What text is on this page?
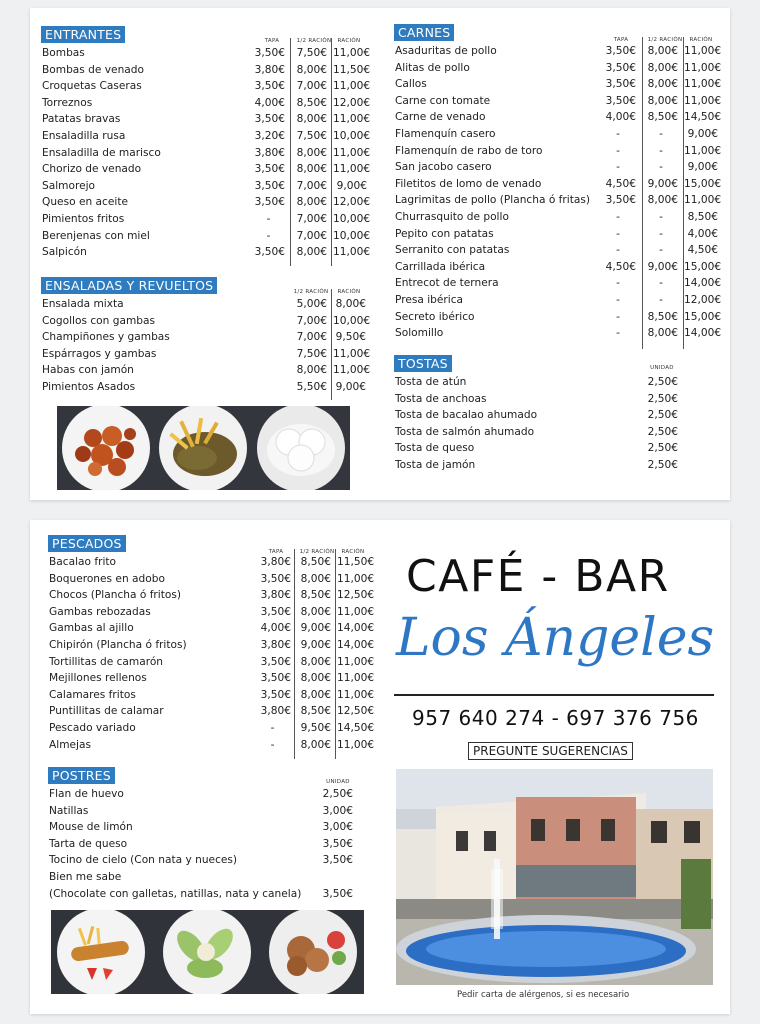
ENTRANTES	TAPA	1/2 RACIÓN	RACIÓN
Bombas	3,50€	7,50€ 11,00€
Bombas de venado	3,80€	8,00€ 11,50€
Croquetas Caseras	3,50€	7,00€ 11,00€
Torreznos	4,00€	8,50€ 12,00€
Patatas bravas	3,50€	8,00€ 11,00€
Ensaladilla rusa	3,20€	7,50€ 10,00€
Ensaladilla de marisco	3,80€	8,00€ 11,00€
Chorizo de venado	3,50€	8,00€ 11,00€
Salmorejo	3,50€	7,00€ 9,00€
Queso en aceite	3,50€	8,00€ 12,00€
Pimientos fritos	-	7,00€ 10,00€
Berenjenas con miel	-	7,00€ 10,00€
Salpicón	3,50€	8,00€ 11,00€
ENSALADAS Y REVUELTOS	1/2 RACIÓN	RACIÓN
Ensalada mixta	5,00€ 8,00€
Cogollos con gambas	7,00€ 10,00€
Champiñones y gambas	7,00€ 9,50€
Espárragos y gambas	7,50€ 11,00€
Habas con jamón	8,00€ 11,00€
Pimientos Asados	5,50€ 9,00€
CARNES	TAPA	1/2 RACIÓN	RACIÓN
Asaduritas de pollo	3,50€	8,00€ 11,00€
Alitas de pollo	3,50€	8,00€ 11,00€
Callos	3,50€	8,00€ 11,00€
Carne con tomate	3,50€	8,00€ 11,00€
Carne de venado	4,00€	8,50€ 14,50€
Flamenquín casero	-	-	9,00€
Flamenquín de rabo de toro	-	-	11,00€
San jacobo casero	-	-	9,00€
Filetitos de lomo de venado	4,50€	9,00€ 15,00€
Lagrimitas de pollo (Plancha ó fritas)	3,50€	8,00€ 11,00€
Churrasquito de pollo	-	-	8,50€
Pepito con patatas	-	-	4,00€
Serranito con patatas	-	-	4,50€
Carrillada ibérica	4,50€	9,00€ 15,00€
Entrecot de ternera	-	-	14,00€
Presa ibérica	-	-	12,00€
Secreto ibérico	-	8,50€ 15,00€
Solomillo	-	8,00€ 14,00€
TOSTAS	UNIDAD
Tosta de atún	2,50€
Tosta de anchoas	2,50€
Tosta de bacalao ahumado	2,50€
Tosta de salmón ahumado	2,50€
Tosta de queso	2,50€
Tosta de jamón	2,50€
PESCADOS
TAPA	1/2 RACIÓN	RACIÓN
Bacalao frito	3,80€ 8,50€ 11,50€
Boquerones en adobo	3,50€ 8,00€ 11,00€
Chocos (Plancha ó fritos)	3,80€ 8,50€ 12,50€
Gambas rebozadas	3,50€ 8,00€ 11,00€
Gambas al ajillo	4,00€ 9,00€ 14,00€
Chipirón (Plancha ó fritos)	3,80€ 9,00€ 14,00€
Tortillitas de camarón	3,50€ 8,00€ 11,00€
Mejillones rellenos	3,50€ 8,00€ 11,00€
Calamares fritos	3,50€ 8,00€ 11,00€
Puntillitas de calamar	3,80€ 8,50€ 12,50€
Pescado variado	-	9,50€ 14,50€
Almejas	-	8,00€ 11,00€
POSTRES	UNIDAD
Flan de huevo	2,50€
Natillas	3,00€
Mouse de limón	3,00€
Tarta de queso	3,50€
Tocino de cielo (Con nata y nueces)	3,50€
Bien me sabe
(Chocolate con galletas, natillas, nata y canela)	3,50€
CAFÉ - BAR
Los Ángeles
957 640 274 - 697 376 756
PREGUNTE SUGERENCIAS
Pedir carta de alérgenos, si es necesario
